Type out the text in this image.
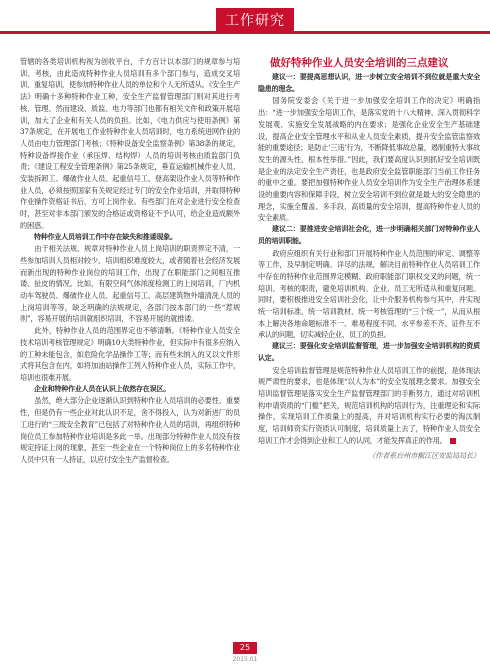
工作研究

管辖的各类培训机构视为创收平台，千方百计以本部门的规章参与培训、考核，由此造成特种作业人员培训有多个部门参与，造成交叉培训、重复培训，使参加特种作业人员的单位和个人无所适从。《安全生产法》明确十多种特种作业工种，安全生产监督管理部门则对其进行考核、管理、然而建设、质监、电力等部门也都有相关文件和政策开展培训，加大了企业和有关人员的负担。比如，《电力供应与使用条例》第37条规定，在开展电工作业特种作业人员培训时，电力系统进网作业的人员由电力管理部门考核；《特种设备安全监察条例》第38条的规定，特种设备焊接作业（承压焊、结构焊）人员的培训考核由质监部门负责；《建设工程安全管理条例》第25条规定，垂直运输机械作业人员、安装拆卸工、爆破作业人员、起重信号工、登高架设作业人员等特种作业人员，必须按照国家有关规定经过专门的安全作业培训，并取得特种作业操作资格证书后，方可上岗作业。有些部门在对企业进行安全检查时，甚至对非本部门颁发的合格证或资格证不予认可，给企业造成额外的困惑。

特种作业人员培训工作中存在缺失和推诿现象。

由于相关法规、规章对特种作业人员上岗培训的职责界定不清，一些参加培训人员相对较少、培训组织难度较大，或者随着社会经济发展而新出现的特种作业岗位的培训工作，出现了在职能部门之间相互推诿、扯皮的情况。比如，有限空间气体浓度检测工的上岗培训，厂内机动车驾驶员、爆破作业人员、起重信号工、高层建筑物外墙清洗人员的上岗培训等等，缺乏明确的法规规定，各部门按本部门的一些“惹规则”，容易开展的培训就组织培训，不容易开展的就推诿。

此外，特种作业人员的范围界定也不够清晰。《特种作业人员安全技术培训考核管理规定》明确10大类特种作业，但实际中有很多应纳入的工种未能包含，如危险化学品操作工等；而有些未纳入的又以文件形式将其包含在内，如将加油站操作工列入特种作业人员，实际工作中，培训也很难开展。

企业和特种作业人员在认识上依然存在误区。

虽然，绝大部分企业逐渐认识到特种作业人员培训的必要性、重要性，但是仍有一些企业对此认识不足，舍不得投入，认为对新进厂的员工进行的“三级安全教育”已包括了对特种作业人员的培训，再组织特种岗位员工参加特种作业培训是多此一举。出现部分特种作业人员没有按规定持证上岗的现象，甚至一些企业在一个特种岗位上的多名特种作业人员中只有一人持证，以应付安全生产监督检查。

做好特种作业人员安全培训的三点建议

建议一：要提高思想认识，进一步树立安全培训不到位就是重大安全隐患的理念。

国务院安委会《关于进一步加强安全培训工作的决定》明确指出：“进一步加强安全培训工作，是落实党的十八大精神、深入贯彻科学发展观、实施安全发展战略的内在要求；是强化企业安全生产基础建设，提高企业安全管理水平和从业人员安全素质，提升安全监管监察效能的重要途径；是防止‘三违’行为，不断降低事故总量，遏制重特大事故发生的源头性、根本性举措。”因此，我们要高度认识到抓好安全培训既是企业的法定安全生产责任，也是政府安全监管职能部门当前工作任务的重中之重。要把加强特种作业人员安全培训作为安全生产治理体系建设的重要内容和保障手段，树立安全培训不到位就是最大的安全隐患的理念，实施全覆盖、多手段、高质量的安全培训，提高特种作业人员的安全素质。

建议二：要推进安全培训社会化，进一步明确相关部门对特种作业人员的培训职能。

政府应组织有关行业和部门开展特种作业人员范围的审定、调整等等工作，及早制定明确、详尽的法规，解决目前特种作业人员培训工作中存在的特种作业范围界定模糊、政府职能部门职权交叉的问题，统一培训、考核的职责，避免培训机构、企业、员工无所适从和重复问题。同时，要积极推进安全培训社会化，让中介服务机构参与其中，并实现统一培训标准、统一培训教材、统一考核管理的“三个统一”，从而从根本上解决各地命题标准不一、难易程度不同、水平参差不齐、证件互不承认的问题，切实减轻企业、员工的负担。

建议三：要强化安全培训监督管理，进一步加强安全培训机构的资质认定。

安全培训监督管理是规范特种作业人员培训工作的前提，是体现法规严肃性的要求，也是体现“以人为本”的安全发展理念要求。加强安全培训监督管理是落实安全生产监督管理部门的手断努力，通过对培训机构申请资质的“门槛”把关，规范培训机构的培训行为，注重理论和实际操作，实现培训工作质量上的提高，并对培训机构实行必要的淘汰制度，培训师资实行资质认可制度，培训质量上去了，特种作业人员安全培训工作才会得到企业和工人的认同，才能发挥真正的作用。

（作者系台州市椒江区安监局局长）

25
2015.01
